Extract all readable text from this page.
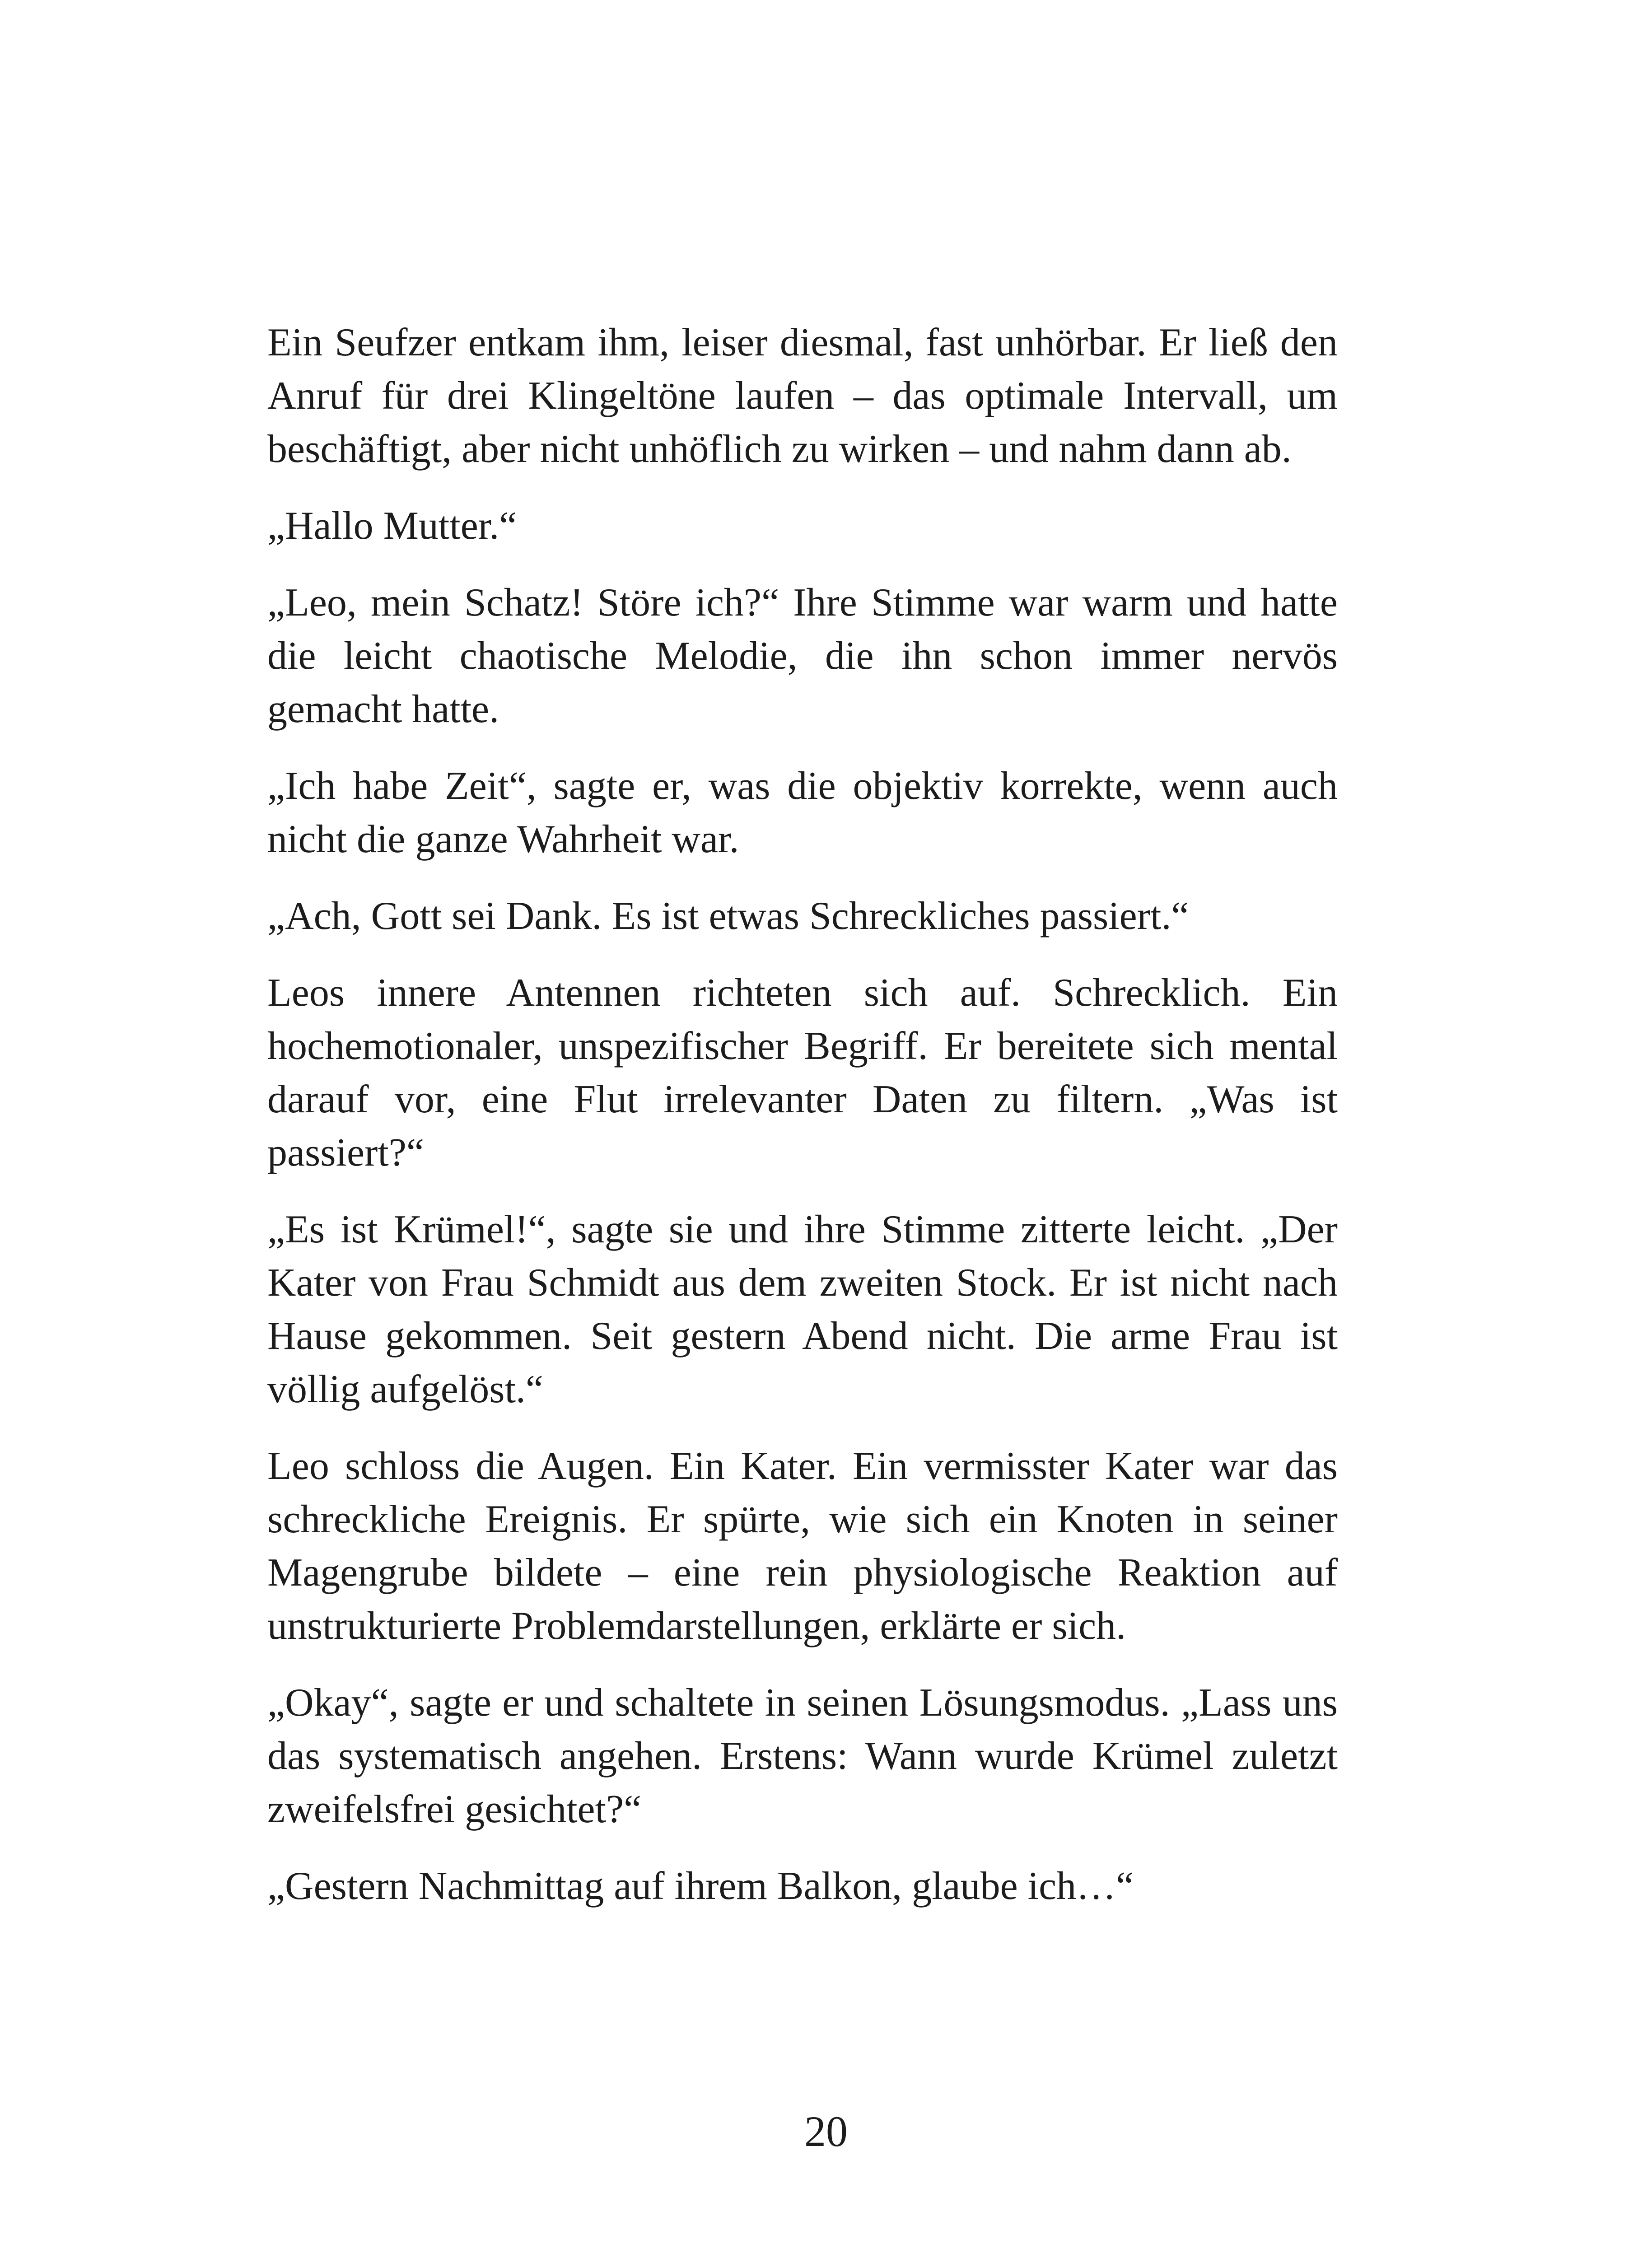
Ein Seufzer entkam ihm, leiser diesmal, fast unhörbar. Er ließ den Anruf für drei Klingeltöne laufen – das optimale Intervall, um beschäftigt, aber nicht unhöflich zu wirken – und nahm dann ab.

„Hallo Mutter.“

„Leo, mein Schatz! Störe ich?“ Ihre Stimme war warm und hatte die leicht chaotische Melodie, die ihn schon immer nervös gemacht hatte.

„Ich habe Zeit“, sagte er, was die objektiv korrekte, wenn auch nicht die ganze Wahrheit war.

„Ach, Gott sei Dank. Es ist etwas Schreckliches passiert.“

Leos innere Antennen richteten sich auf. Schrecklich. Ein hochemotionaler, unspezifischer Begriff. Er bereitete sich mental darauf vor, eine Flut irrelevanter Daten zu filtern. „Was ist passiert?“

„Es ist Krümel!“, sagte sie und ihre Stimme zitterte leicht. „Der Kater von Frau Schmidt aus dem zweiten Stock. Er ist nicht nach Hause gekommen. Seit gestern Abend nicht. Die arme Frau ist völlig aufgelöst.“

Leo schloss die Augen. Ein Kater. Ein vermisster Kater war das schreckliche Ereignis. Er spürte, wie sich ein Knoten in seiner Magengrube bildete – eine rein physiologische Reaktion auf unstrukturierte Problemdarstellungen, erklärte er sich.

„Okay“, sagte er und schaltete in seinen Lösungsmodus. „Lass uns das systematisch angehen. Erstens: Wann wurde Krümel zuletzt zweifelsfrei gesichtet?“

„Gestern Nachmittag auf ihrem Balkon, glaube ich…“

20
